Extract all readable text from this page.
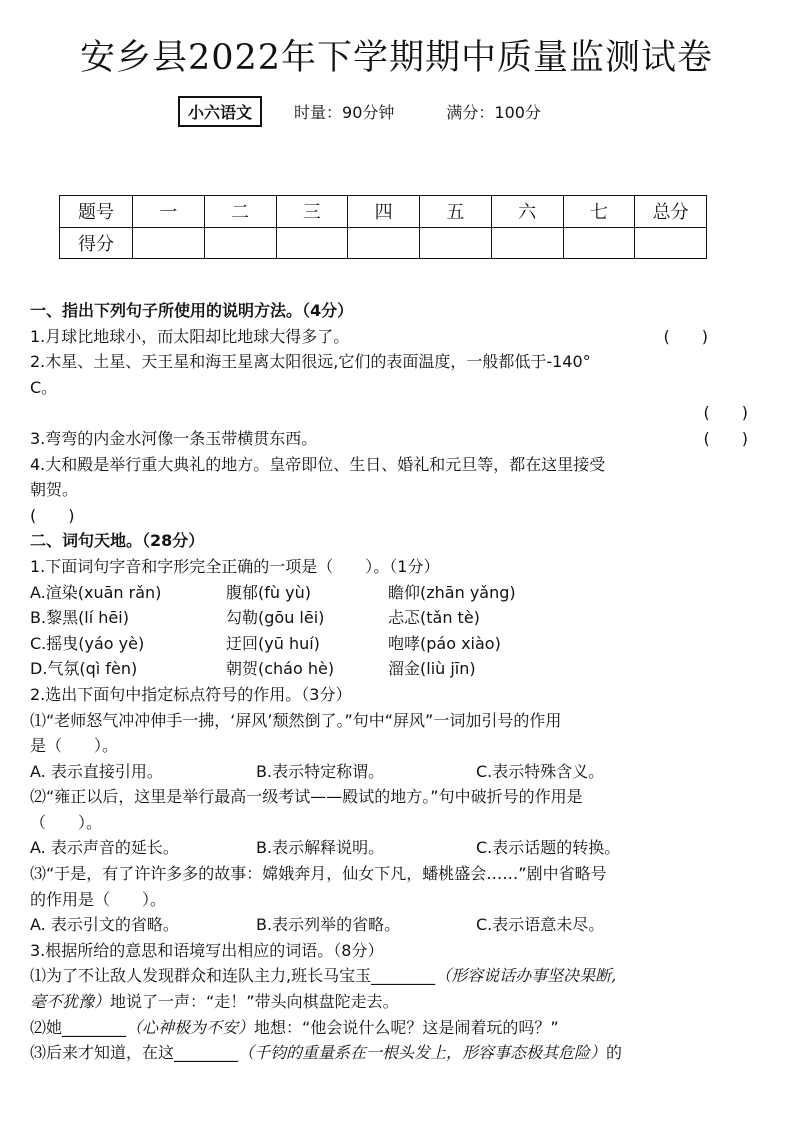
安乡县2022年下学期期中质量监测试卷
小六语文	时量：90分钟	满分：100分
题号	一	二	三	四	五	六	七	总分
得分								
一、指出下列句子所使用的说明方法。（4分）
1.月球比地球小，而太阳却比地球大得多了。	(　　)
2.木星、土星、天王星和海王星离太阳很远,它们的表面温度，一般都低于-140°
C。
(　　)
3.弯弯的内金水河像一条玉带横贯东西。	(　　)
4.大和殿是举行重大典礼的地方。皇帝即位、生日、婚礼和元旦等，都在这里接受
朝贺。
(　　)
二、词句天地。（28分）
1.下面词句字音和字形完全正确的一项是（　　）。（1分）
A.渲染(xuān rǎn)	腹郁(fù yù)	瞻仰(zhān yǎng)
B.黎黑(lí hēi)	勾勒(gōu lēi)	忐忑(tǎn tè)
C.摇曳(yáo yè)	迂回(yū huí)	咆哮(páo xiào)
D.气氛(qì fèn)	朝贺(cháo hè)	溜金(liù jīn)
2.选出下面句中指定标点符号的作用。（3分）
⑴“老师怒气冲冲伸手一拂，‘屏风’颓然倒了。”句中“屏风”一词加引号的作用
是（　　）。
A. 表示直接引用。	B.表示特定称谓。	C.表示特殊含义。
⑵“雍正以后，这里是举行最高一级考试——殿试的地方。”句中破折号的作用是
（　　）。
A. 表示声音的延长。	B.表示解释说明。	C.表示话题的转换。
⑶“于是，有了许许多多的故事：嫦娥奔月，仙女下凡，蟠桃盛会……”剧中省略号
的作用是（　　）。
A. 表示引文的省略。	B.表示列举的省略。	C.表示语意未尽。
3.根据所给的意思和语境写出相应的词语。（8分）
⑴为了不让敌人发现群众和连队主力,班长马宝玉________（形容说话办事坚决果断,
毫不犹豫）地说了一声：“走！”带头向棋盘陀走去。
⑵她________（心神极为不安）地想：“他会说什么呢？这是闹着玩的吗？”
⑶后来才知道，在这________（千钧的重量系在一根头发上，形容事态极其危险）的
